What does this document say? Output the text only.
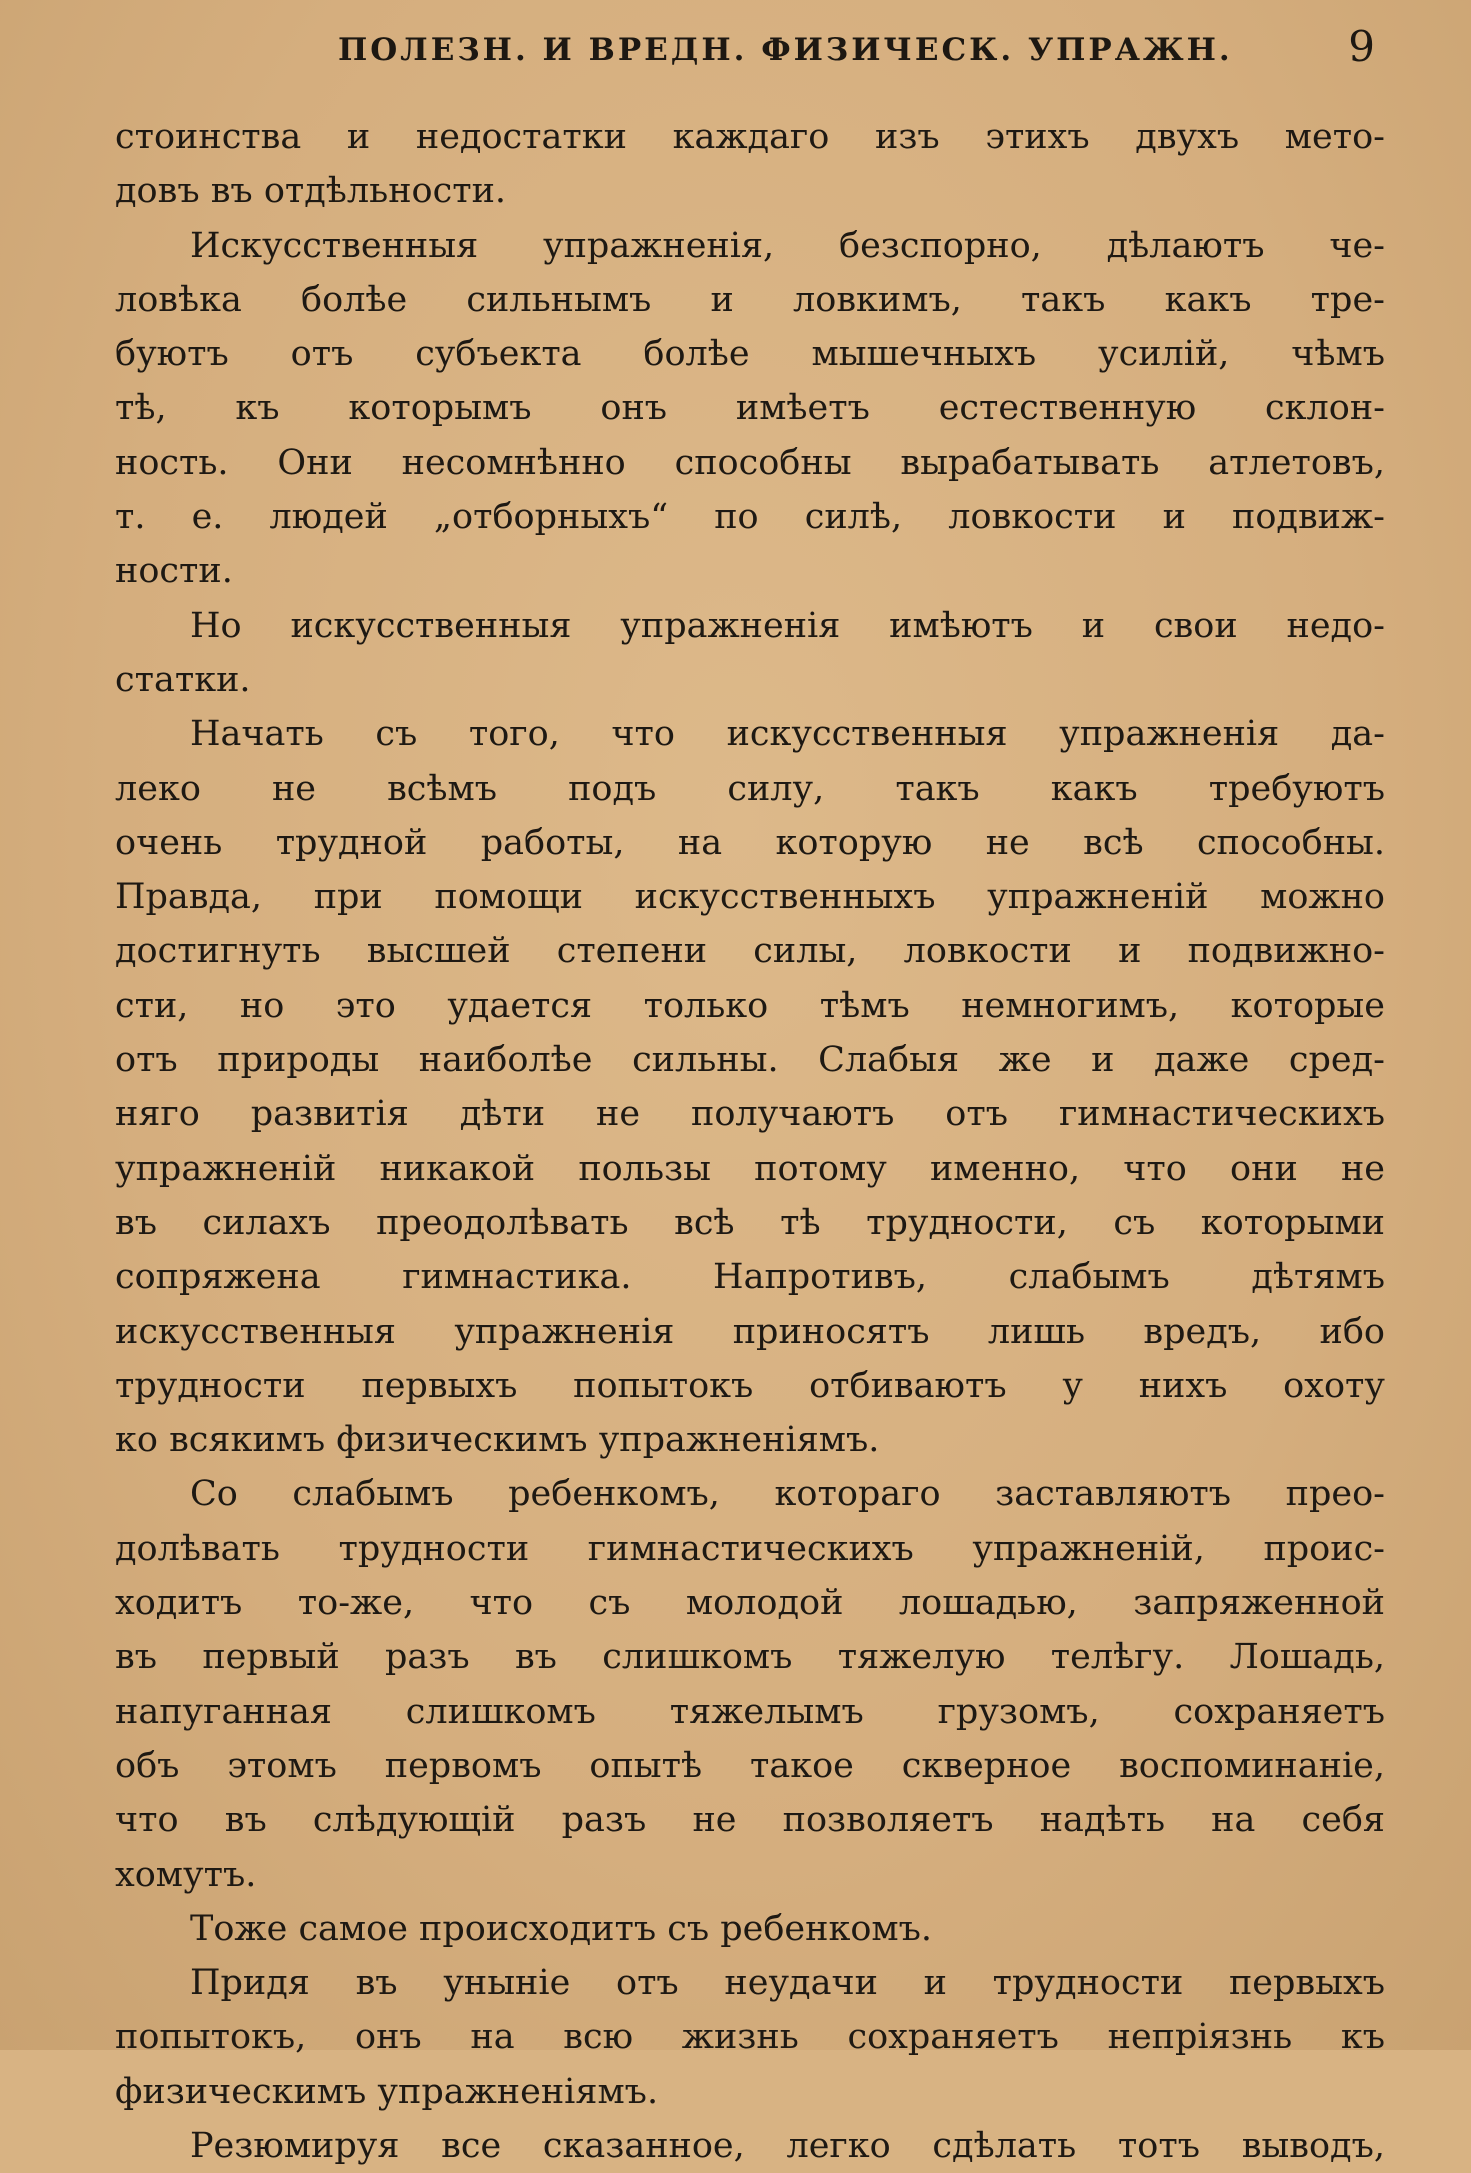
ПОЛЕЗН. И ВРЕДН. ФИЗИЧЕСК. УПРАЖН.	9
стоинства и недостатки каждаго изъ этихъ двухъ мето-
довъ въ отдѣльности.
Искусственныя упражненія, безспорно, дѣлаютъ че-
ловѣка болѣе сильнымъ и ловкимъ, такъ какъ тре-
буютъ отъ субъекта болѣе мышечныхъ усилій, чѣмъ
тѣ, къ которымъ онъ имѣетъ естественную склон-
ность. Они несомнѣнно способны вырабатывать атлетовъ,
т. е. людей „отборныхъ“ по силѣ, ловкости и подвиж-
ности.
Но искусственныя упражненія имѣютъ и свои недо-
статки.
Начать съ того, что искусственныя упражненія да-
леко не всѣмъ подъ силу, такъ какъ требуютъ
очень трудной работы, на которую не всѣ способны.
Правда, при помощи искусственныхъ упражненій можно
достигнуть высшей степени силы, ловкости и подвижно-
сти, но это удается только тѣмъ немногимъ, которые
отъ природы наиболѣе сильны. Слабыя же и даже сред-
няго развитія дѣти не получаютъ отъ гимнастическихъ
упражненій никакой пользы потому именно, что они не
въ силахъ преодолѣвать всѣ тѣ трудности, съ которыми
сопряжена гимнастика. Напротивъ, слабымъ дѣтямъ
искусственныя упражненія приносятъ лишь вредъ, ибо
трудности первыхъ попытокъ отбиваютъ у нихъ охоту
ко всякимъ физическимъ упражненіямъ.
Со слабымъ ребенкомъ, котораго заставляютъ прео-
долѣвать трудности гимнастическихъ упражненій, проис-
ходитъ то-же, что съ молодой лошадью, запряженной
въ первый разъ въ слишкомъ тяжелую телѣгу. Лошадь,
напуганная слишкомъ тяжелымъ грузомъ, сохраняетъ
объ этомъ первомъ опытѣ такое скверное воспоминаніе,
что въ слѣдующій разъ не позволяетъ надѣть на себя
хомутъ.
Тоже самое происходитъ съ ребенкомъ.
Придя въ уныніе отъ неудачи и трудности первыхъ
попытокъ, онъ на всю жизнь сохраняетъ непріязнь къ
физическимъ упражненіямъ.
Резюмируя все сказанное, легко сдѣлать тотъ выводъ,
